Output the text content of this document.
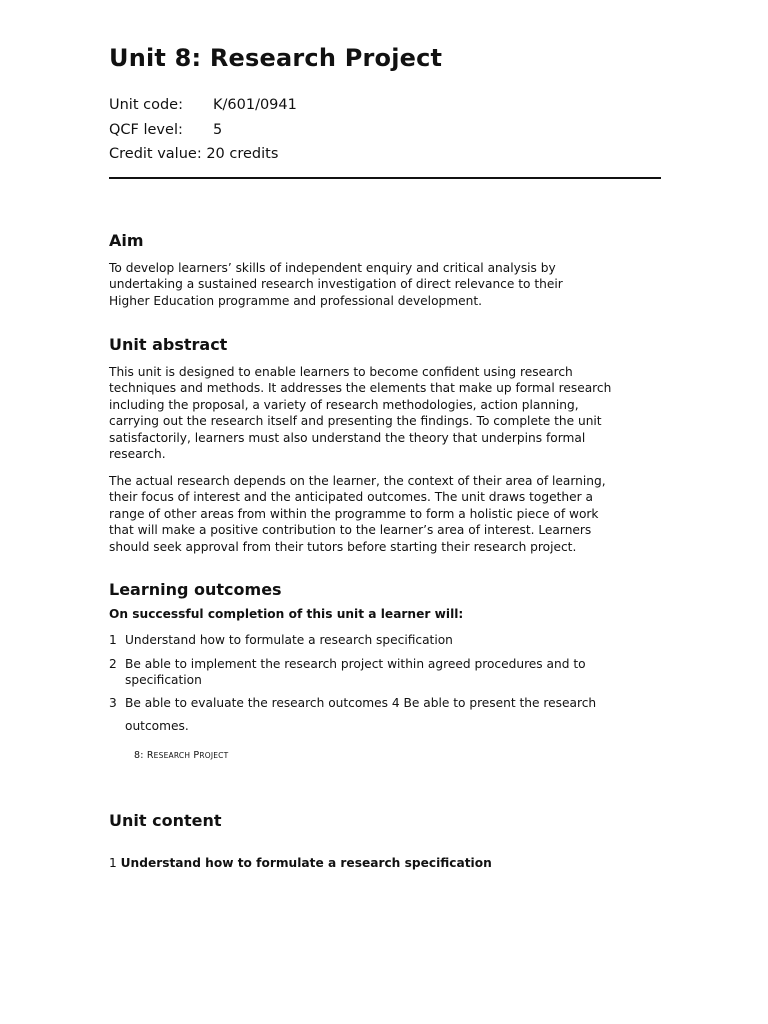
Unit 8: Research Project
Unit code: K/601/0941
QCF level: 5
Credit value: 20 credits
Aim
To develop learners’ skills of independent enquiry and critical analysis by
undertaking a sustained research investigation of direct relevance to their
Higher Education programme and professional development.
Unit abstract
This unit is designed to enable learners to become confident using research
techniques and methods. It addresses the elements that make up formal research
including the proposal, a variety of research methodologies, action planning,
carrying out the research itself and presenting the findings. To complete the unit
satisfactorily, learners must also understand the theory that underpins formal
research.
The actual research depends on the learner, the context of their area of learning,
their focus of interest and the anticipated outcomes. The unit draws together a
range of other areas from within the programme to form a holistic piece of work
that will make a positive contribution to the learner’s area of interest. Learners
should seek approval from their tutors before starting their research project.
Learning outcomes

On successful completion of this unit a learner will:

1 Understand how to formulate a research specification
2 Be able to implement the research project within agreed procedures and to
specification
3 Be able to evaluate the research outcomes 4 Be able to present the research
outcomes.
8: RESEARCH PROJECT
Unit content
1 Understand how to formulate a research specification
